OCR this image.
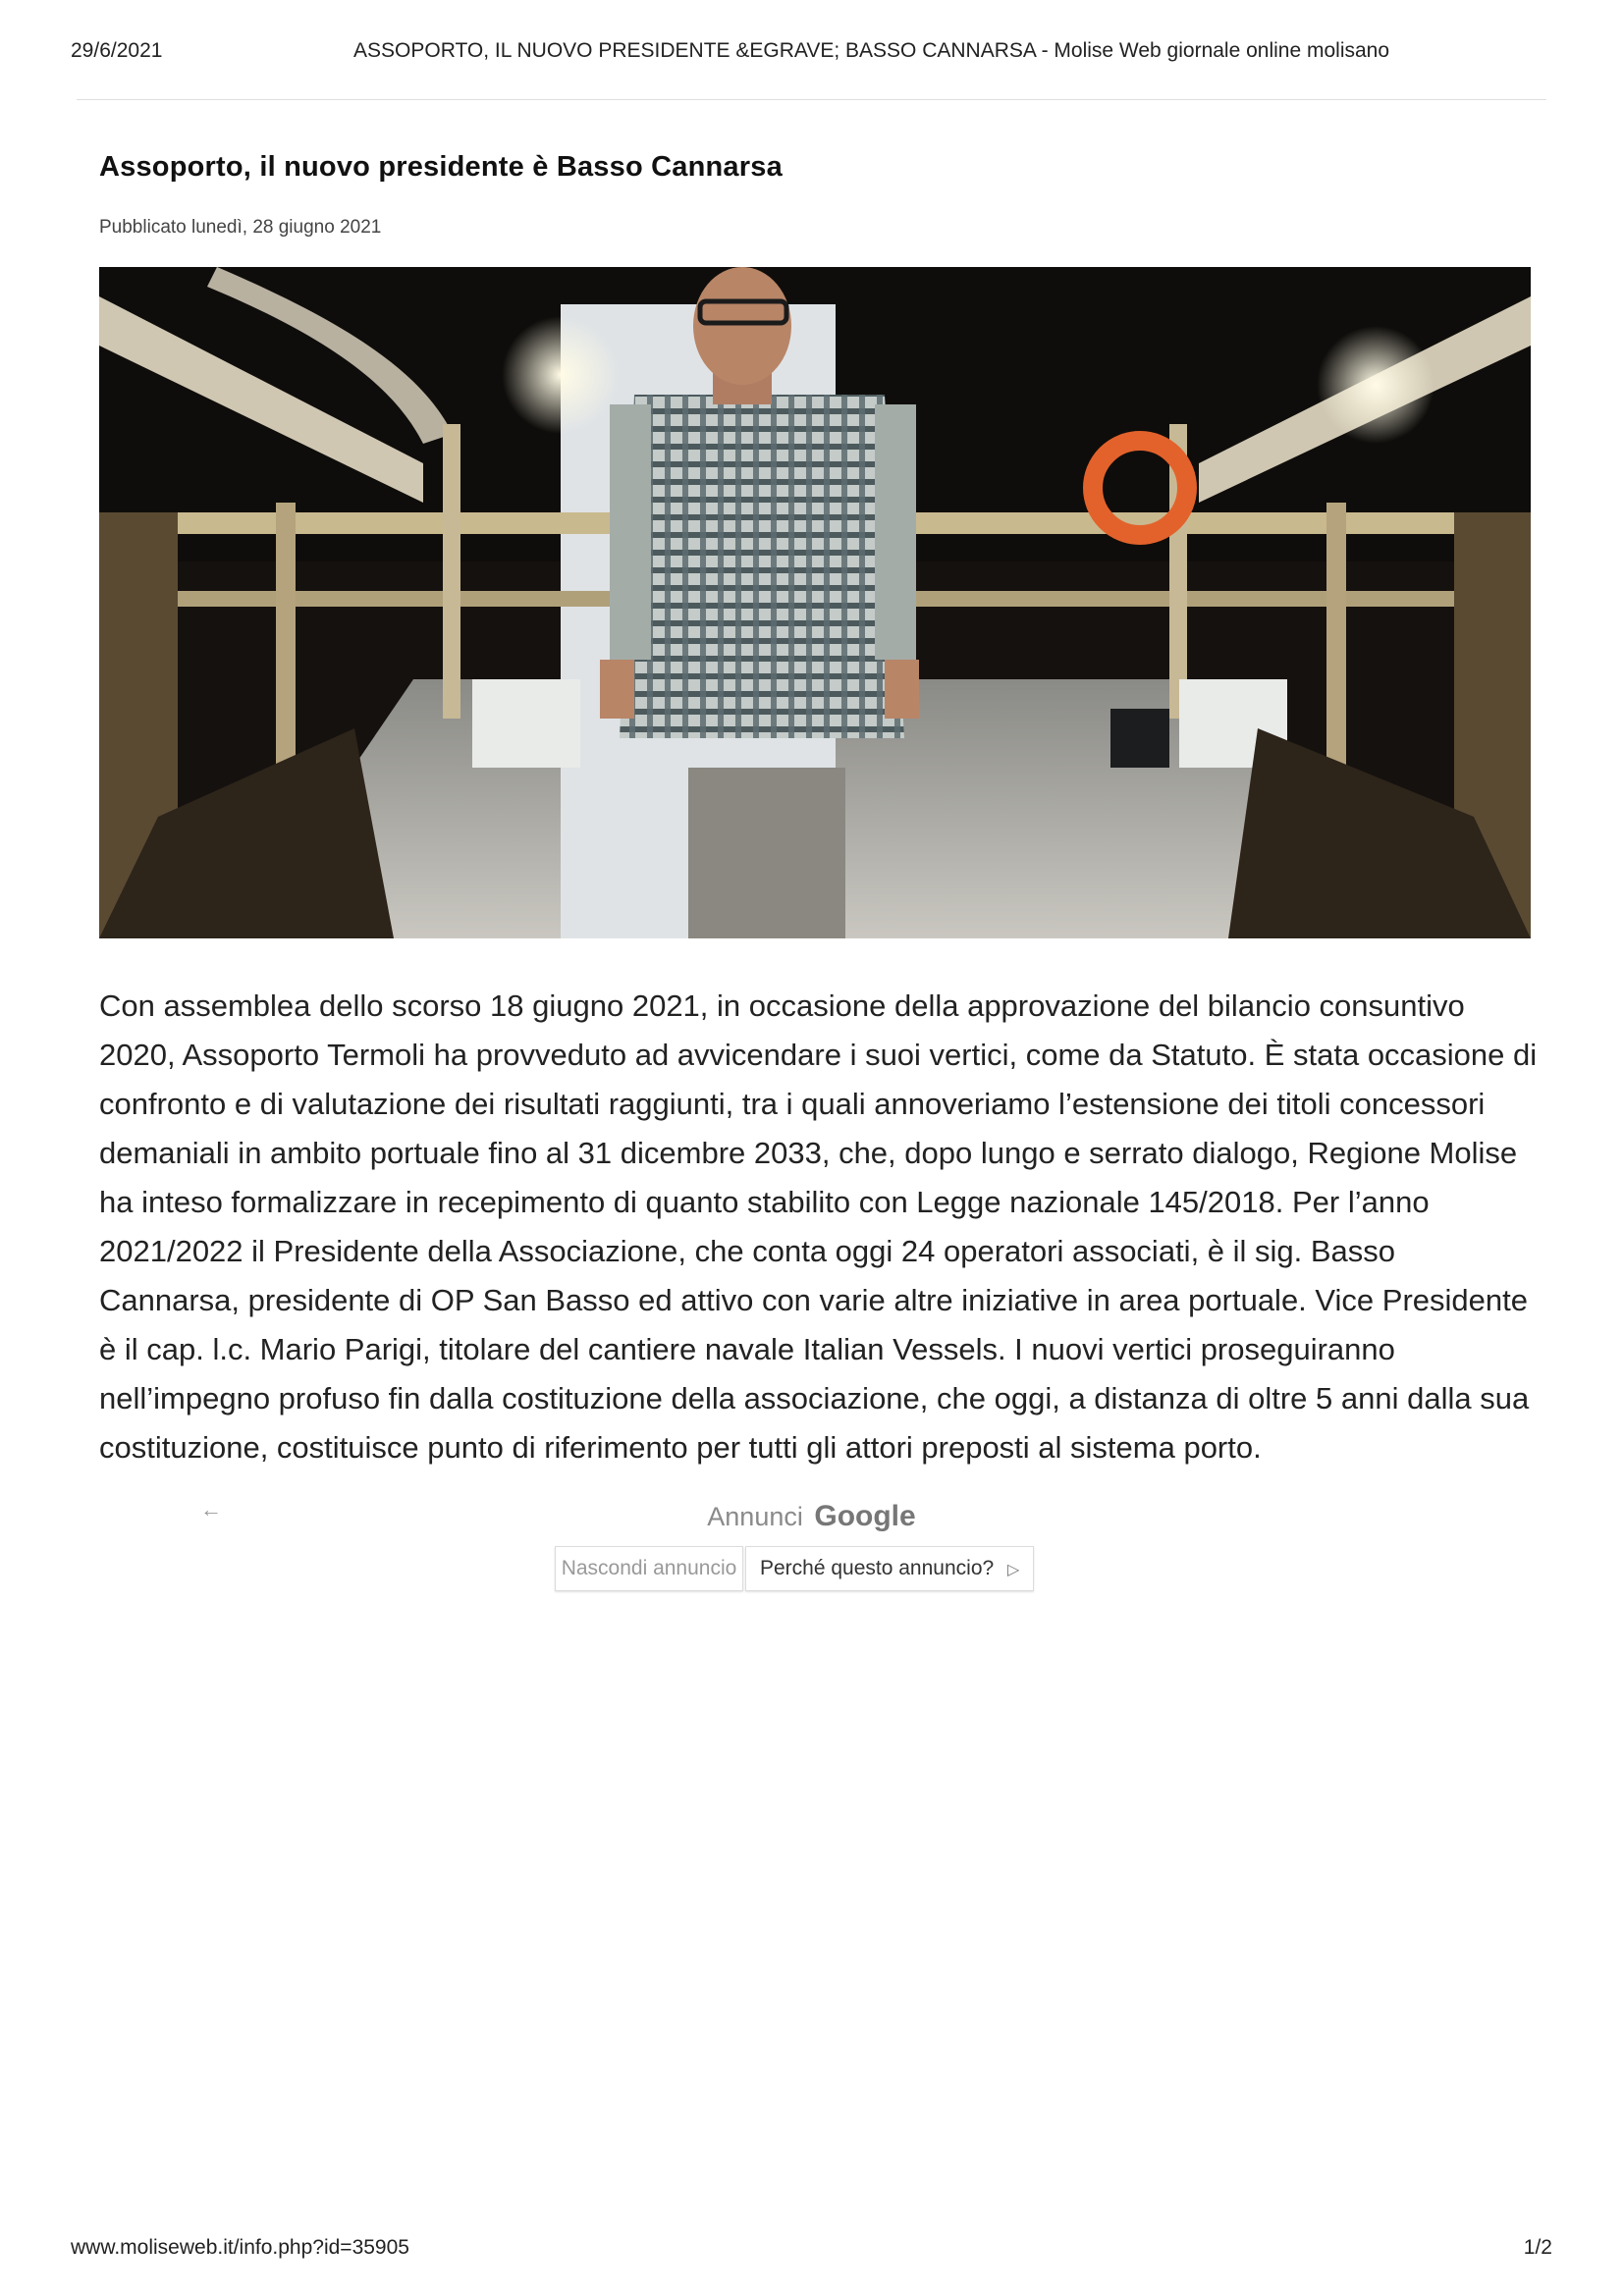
29/6/2021	ASSOPORTO, IL NUOVO PRESIDENTE &EGRAVE; BASSO CANNARSA - Molise Web giornale online molisano
Assoporto, il nuovo presidente è Basso Cannarsa
Pubblicato lunedì, 28 giugno 2021

Con assemblea dello scorso 18 giugno 2021, in occasione della approvazione del bilancio consuntivo 2020, Assoporto Termoli ha provveduto ad avvicendare i suoi vertici, come da Statuto. È stata occasione di confronto e di valutazione dei risultati raggiunti, tra i quali annoveriamo l’estensione dei titoli concessori demaniali in ambito portuale fino al 31 dicembre 2033, che, dopo lungo e serrato dialogo, Regione Molise ha inteso formalizzare in recepimento di quanto stabilito con Legge nazionale 145/2018. Per l’anno 2021/2022 il Presidente della Associazione, che conta oggi 24 operatori associati, è il sig. Basso Cannarsa, presidente di OP San Basso ed attivo con varie altre iniziative in area portuale. Vice Presidente è il cap. l.c. Mario Parigi, titolare del cantiere navale Italian Vessels. I nuovi vertici proseguiranno nell’impegno profuso fin dalla costituzione della associazione, che oggi, a distanza di oltre 5 anni dalla sua costituzione, costituisce punto di riferimento per tutti gli attori preposti al sistema porto.

←	Annunci Google
Nascondi annuncio	Perché questo annuncio? ▷
www.moliseweb.it/info.php?id=35905	1/2
